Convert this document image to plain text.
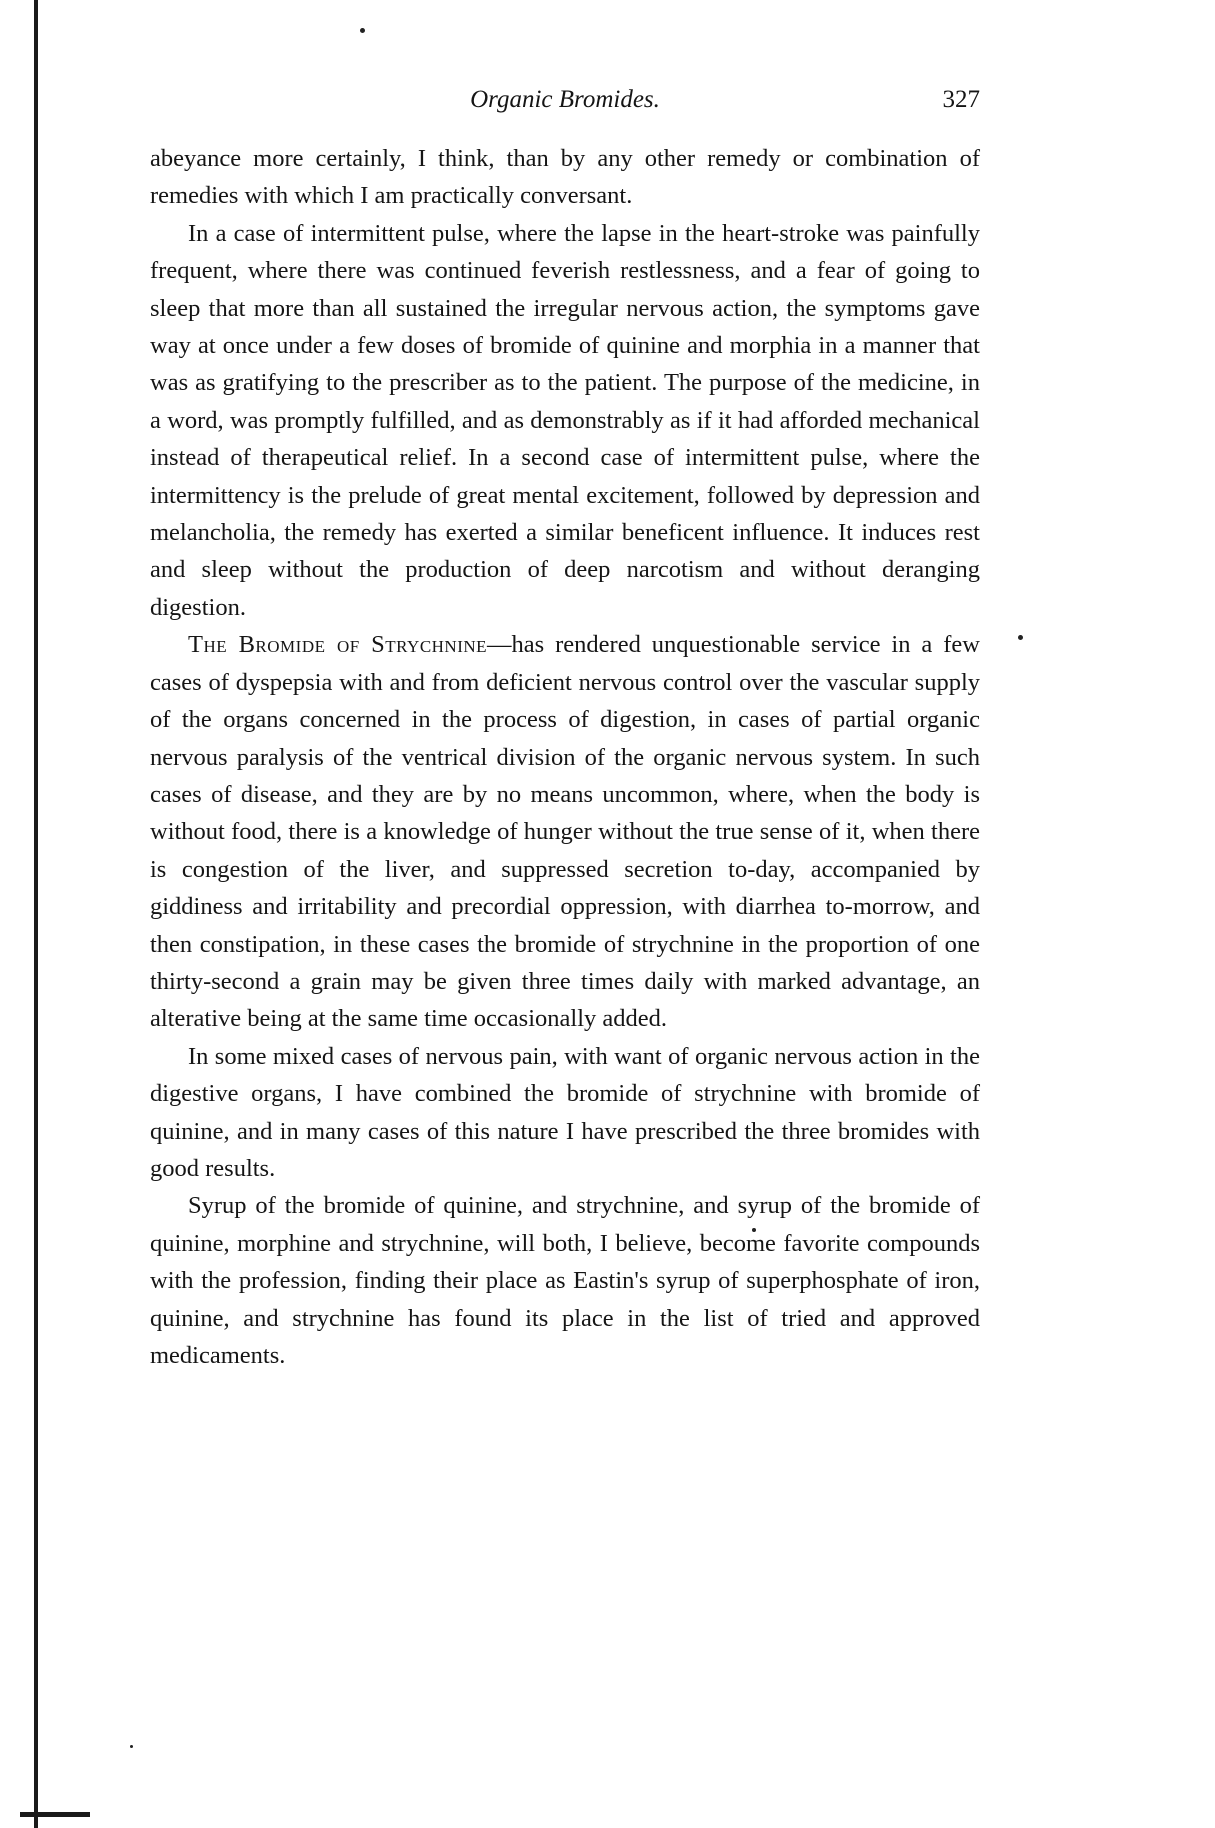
Organic Bromides.	327

abeyance more certainly, I think, than by any other remedy or combination of remedies with which I am practically conversant.

In a case of intermittent pulse, where the lapse in the heart-stroke was painfully frequent, where there was continued feverish restlessness, and a fear of going to sleep that more than all sustained the irregular nervous action, the symptoms gave way at once under a few doses of bromide of quinine and morphia in a manner that was as gratifying to the prescriber as to the patient. The purpose of the medicine, in a word, was promptly fulfilled, and as demonstrably as if it had afforded mechanical instead of therapeutical relief. In a second case of intermittent pulse, where the intermittency is the prelude of great mental excitement, followed by depression and melancholia, the remedy has exerted a similar beneficent influence. It induces rest and sleep without the production of deep narcotism and without deranging digestion.

The Bromide of Strychnine—has rendered unquestionable service in a few cases of dyspepsia with and from deficient nervous control over the vascular supply of the organs concerned in the process of digestion, in cases of partial organic nervous paralysis of the ventrical division of the organic nervous system. In such cases of disease, and they are by no means uncommon, where, when the body is without food, there is a knowledge of hunger without the true sense of it, when there is congestion of the liver, and suppressed secretion to-day, accompanied by giddiness and irritability and precordial oppression, with diarrhea to-morrow, and then constipation, in these cases the bromide of strychnine in the proportion of one thirty-second a grain may be given three times daily with marked advantage, an alterative being at the same time occasionally added.

In some mixed cases of nervous pain, with want of organic nervous action in the digestive organs, I have combined the bromide of strychnine with bromide of quinine, and in many cases of this nature I have prescribed the three bromides with good results.

Syrup of the bromide of quinine, and strychnine, and syrup of the bromide of quinine, morphine and strychnine, will both, I believe, become favorite compounds with the profession, finding their place as Eastin's syrup of superphosphate of iron, quinine, and strychnine has found its place in the list of tried and approved medicaments.
